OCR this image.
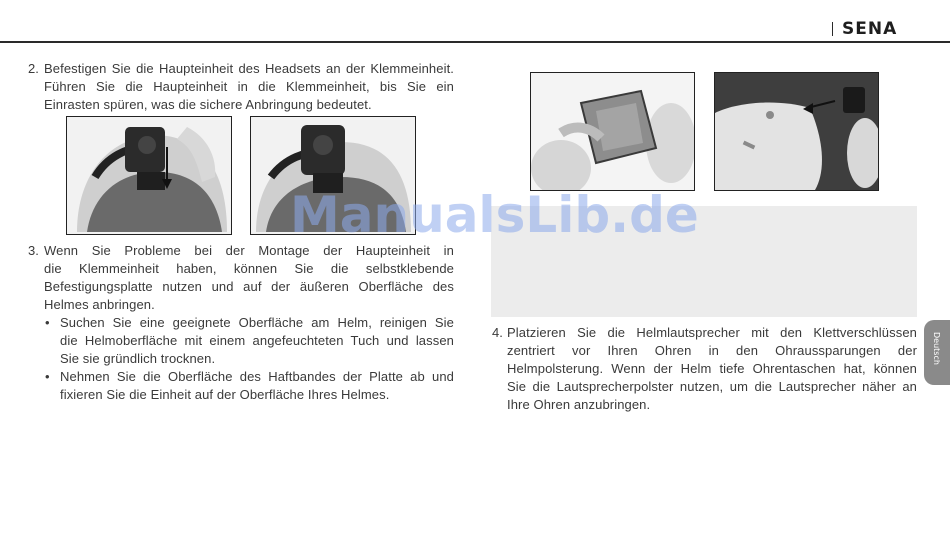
SENA
2. Befestigen Sie die Haupteinheit des Headsets an der Klemmeinheit.
Führen Sie die Haupteinheit in die Klemmeinheit, bis Sie ein
Einrasten spüren, was die sichere Anbringung bedeutet.
3. Wenn Sie Probleme bei der Montage der Haupteinheit in
die Klemmeinheit haben, können Sie die selbstklebende
Befestigungsplatte nutzen und auf der äußeren Oberfläche des
Helmes anbringen.
• Suchen Sie eine geeignete Oberfläche am Helm, reinigen Sie
die Helmoberfläche mit einem angefeuchteten Tuch und lassen
Sie sie gründlich trocknen.
• Nehmen Sie die Oberfläche des Haftbandes der Platte ab und
fixieren Sie die Einheit auf der Oberfläche Ihres Helmes.
4. Platzieren Sie die Helmlautsprecher mit den Klettverschlüssen
zentriert vor Ihren Ohren in den Ohraussparungen der
Helmpolsterung. Wenn der Helm tiefe Ohrentaschen hat, können
Sie die Lautsprecherpolster nutzen, um die Lautsprecher näher an
Ihre Ohren anzubringen.
Deutsch
ManualsLib.de
